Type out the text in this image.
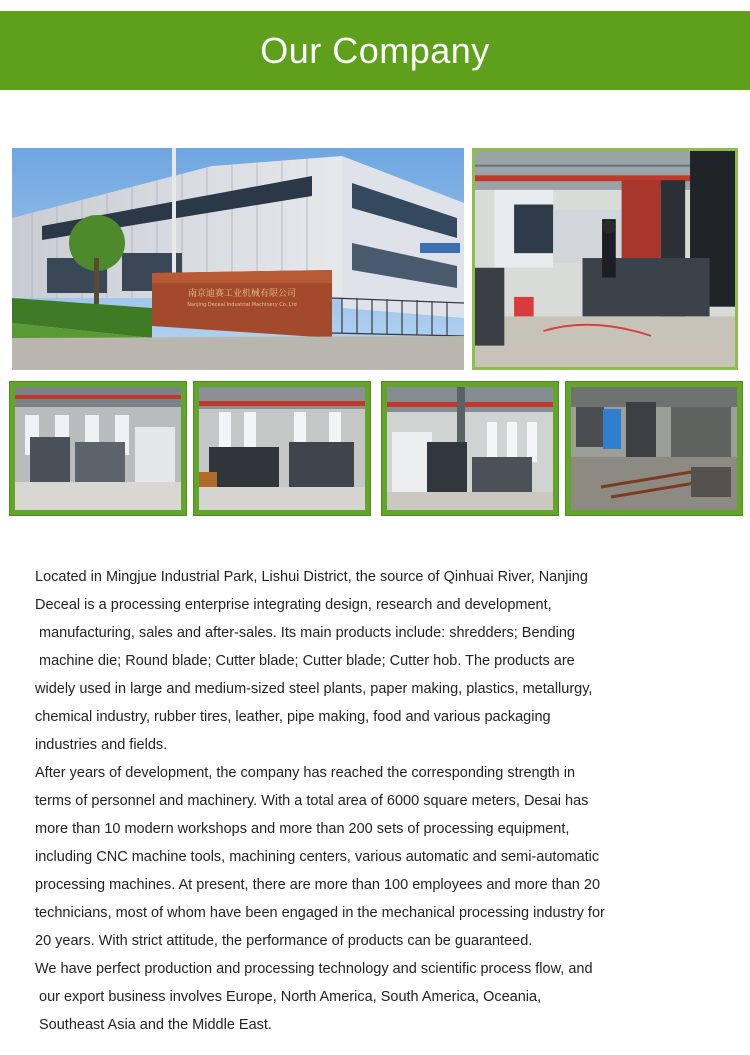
Our Company
南京迪赛工业机械有限公司
Nanjing Deceal Industrial Machinery Co.,Ltd
Located in Mingjue Industrial Park, Lishui District, the source of Qinhuai River, Nanjing
Deceal is a processing enterprise integrating design, research and development,
manufacturing, sales and after-sales. Its main products include: shredders; Bending
machine die; Round blade; Cutter blade; Cutter blade; Cutter hob. The products are
widely used in large and medium-sized steel plants, paper making, plastics, metallurgy,
chemical industry, rubber tires, leather, pipe making, food and various packaging
industries and fields.
After years of development, the company has reached the corresponding strength in
terms of personnel and machinery. With a total area of 6000 square meters, Desai has
more than 10 modern workshops and more than 200 sets of processing equipment,
including CNC machine tools, machining centers, various automatic and semi-automatic
processing machines. At present, there are more than 100 employees and more than 20
technicians, most of whom have been engaged in the mechanical processing industry for
20 years. With strict attitude, the performance of products can be guaranteed.
We have perfect production and processing technology and scientific process flow, and
our export business involves Europe, North America, South America, Oceania,
Southeast Asia and the Middle East.
